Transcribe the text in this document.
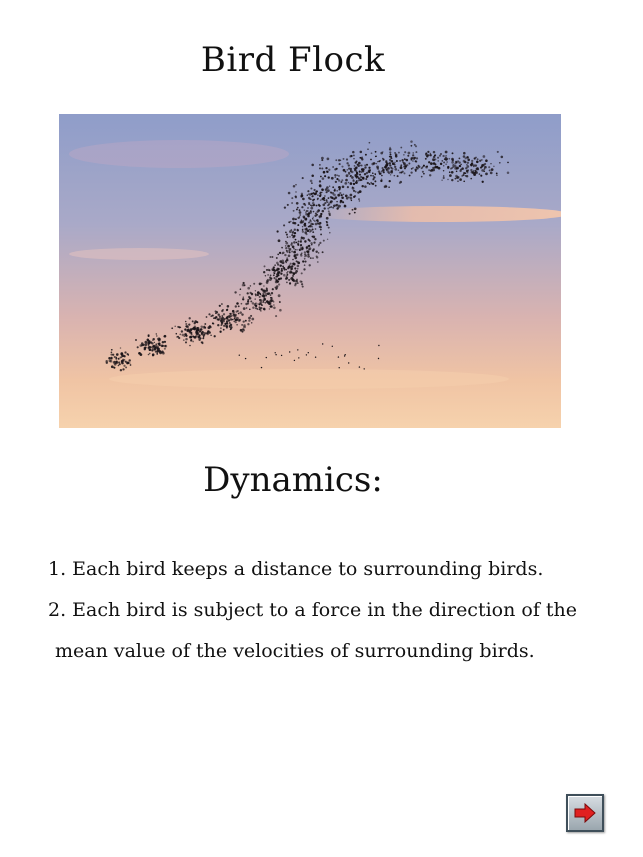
Bird Flock
Dynamics:
1. Each bird keeps a distance to surrounding birds.
2. Each bird is subject to a force in the direction of the
mean value of the velocities of surrounding birds.
